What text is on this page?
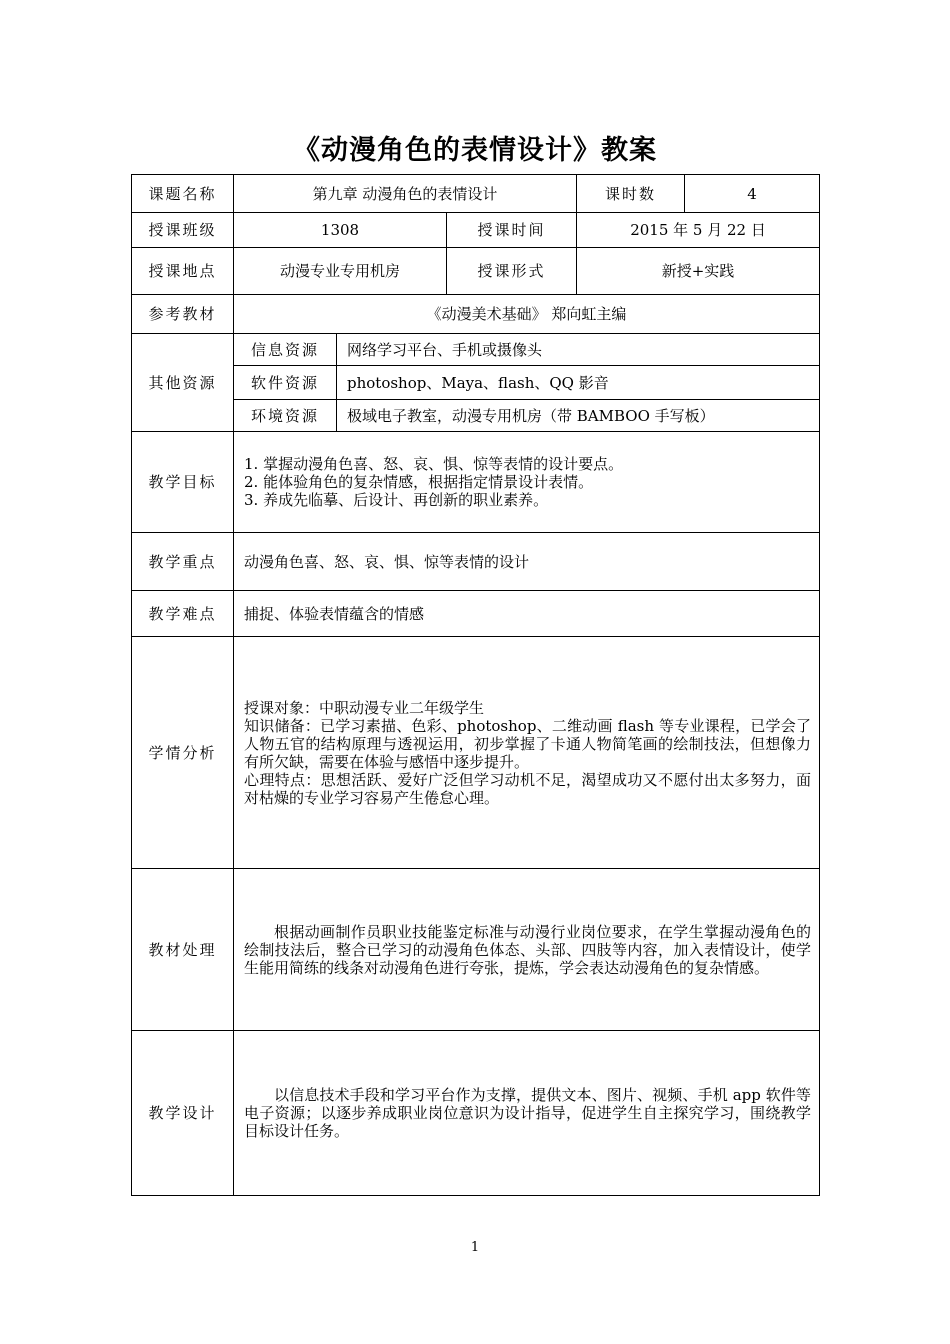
《动漫角色的表情设计》教案
课题名称	第九章 动漫角色的表情设计			课时数	4
授课班级	1308		授课时间	2015 年 5 月 22 日	
授课地点	动漫专业专用机房		授课形式	新授+实践	
参考教材	《动漫美术基础》 郑向虹主编				
其他资源	信息资源	网络学习平台、手机或摄像头			
	软件资源	photoshop、Maya、flash、QQ 影音			
	环境资源	极域电子教室，动漫专用机房（带 BAMBOO 手写板）			
教学目标	1. 掌握动漫角色喜、怒、哀、惧、惊等表情的设计要点。
2. 能体验角色的复杂情感，根据指定情景设计表情。
3. 养成先临摹、后设计、再创新的职业素养。				

教学重点	动漫角色喜、怒、哀、惧、惊等表情的设计				
教学难点	捕捉、体验表情蕴含的情感				
学情分析	授课对象：中职动漫专业二年级学生
知识储备：已学习素描、色彩、photoshop、二维动画 flash 等专业课程，已学会了人物五官的结构原理与透视运用，初步掌握了卡通人物简笔画的绘制技法，但想像力有所欠缺，需要在体验与感悟中逐步提升。
心理特点：思想活跃、爱好广泛但学习动机不足，渴望成功又不愿付出太多努力，面对枯燥的专业学习容易产生倦怠心理。				

教材处理	根据动画制作员职业技能鉴定标准与动漫行业岗位要求，在学生掌握动漫角色的绘制技法后，整合已学习的动漫角色体态、头部、四肢等内容，加入表情设计，使学生能用简练的线条对动漫角色进行夸张，提炼，学会表达动漫角色的复杂情感。				

教学设计	以信息技术手段和学习平台作为支撑，提供文本、图片、视频、手机 app 软件等电子资源；以逐步养成职业岗位意识为设计指导，促进学生自主探究学习，围绕教学目标设计任务。				
1
